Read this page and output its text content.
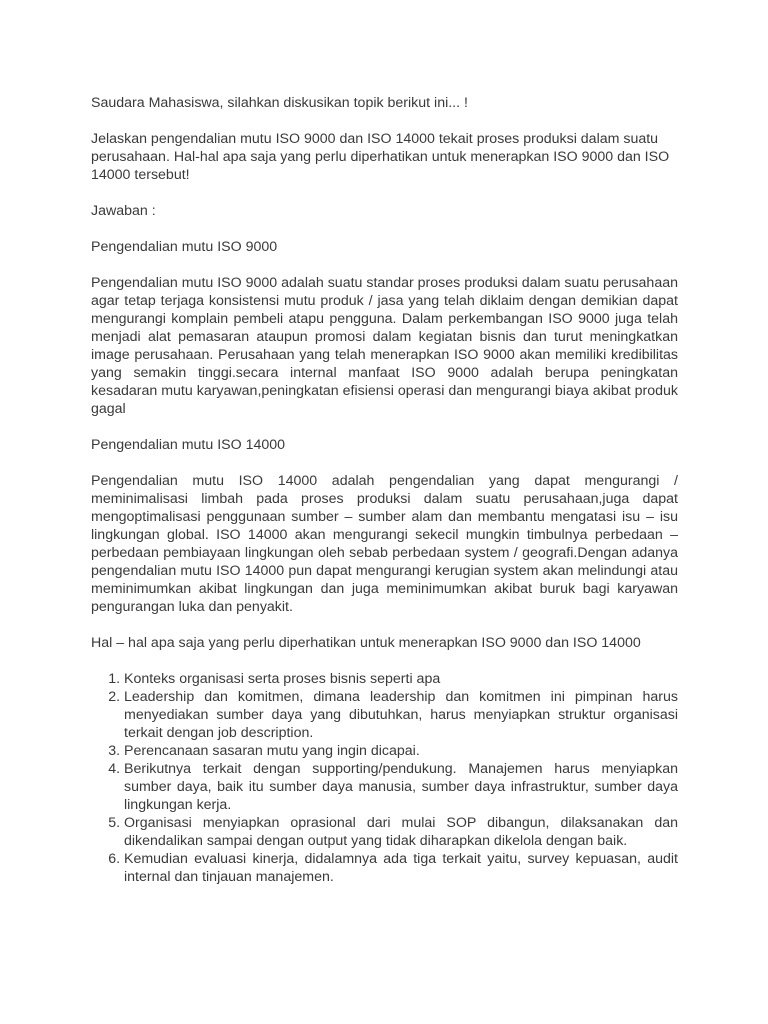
Saudara Mahasiswa, silahkan diskusikan topik berikut ini... !

Jelaskan pengendalian mutu ISO 9000 dan ISO 14000 tekait proses produksi dalam suatu perusahaan. Hal-hal apa saja yang perlu diperhatikan untuk menerapkan ISO 9000 dan ISO 14000 tersebut!

Jawaban :

Pengendalian mutu ISO 9000

Pengendalian mutu ISO 9000 adalah suatu standar proses produksi dalam suatu perusahaan agar tetap terjaga konsistensi mutu produk / jasa yang telah diklaim dengan demikian dapat mengurangi komplain pembeli atapu pengguna. Dalam perkembangan ISO 9000 juga telah menjadi alat pemasaran ataupun promosi dalam kegiatan bisnis dan turut meningkatkan image perusahaan. Perusahaan yang telah menerapkan ISO 9000 akan memiliki kredibilitas yang semakin tinggi.secara internal manfaat ISO 9000 adalah berupa peningkatan kesadaran mutu karyawan,peningkatan efisiensi operasi dan mengurangi biaya akibat produk gagal

Pengendalian mutu ISO 14000

Pengendalian mutu ISO 14000 adalah pengendalian yang dapat mengurangi / meminimalisasi limbah pada proses produksi dalam suatu perusahaan,juga dapat mengoptimalisasi penggunaan sumber – sumber alam dan membantu mengatasi isu – isu lingkungan global. ISO 14000 akan mengurangi sekecil mungkin timbulnya perbedaan – perbedaan pembiayaan lingkungan oleh sebab perbedaan system / geografi.Dengan adanya pengendalian mutu ISO 14000 pun dapat mengurangi kerugian system akan melindungi atau meminimumkan akibat lingkungan dan juga meminimumkan akibat buruk bagi karyawan pengurangan luka dan penyakit.

Hal – hal apa saja yang perlu diperhatikan untuk menerapkan ISO 9000 dan ISO 14000

1. Konteks organisasi serta proses bisnis seperti apa
2. Leadership dan komitmen, dimana leadership dan komitmen ini pimpinan harus menyediakan sumber daya yang dibutuhkan, harus menyiapkan struktur organisasi terkait dengan job description.
3. Perencanaan sasaran mutu yang ingin dicapai.
4. Berikutnya terkait dengan supporting/pendukung. Manajemen harus menyiapkan sumber daya, baik itu sumber daya manusia, sumber daya infrastruktur, sumber daya lingkungan kerja.
5. Organisasi menyiapkan oprasional dari mulai SOP dibangun, dilaksanakan dan dikendalikan sampai dengan output yang tidak diharapkan dikelola dengan baik.
6. Kemudian evaluasi kinerja, didalamnya ada tiga terkait yaitu, survey kepuasan, audit internal dan tinjauan manajemen.
